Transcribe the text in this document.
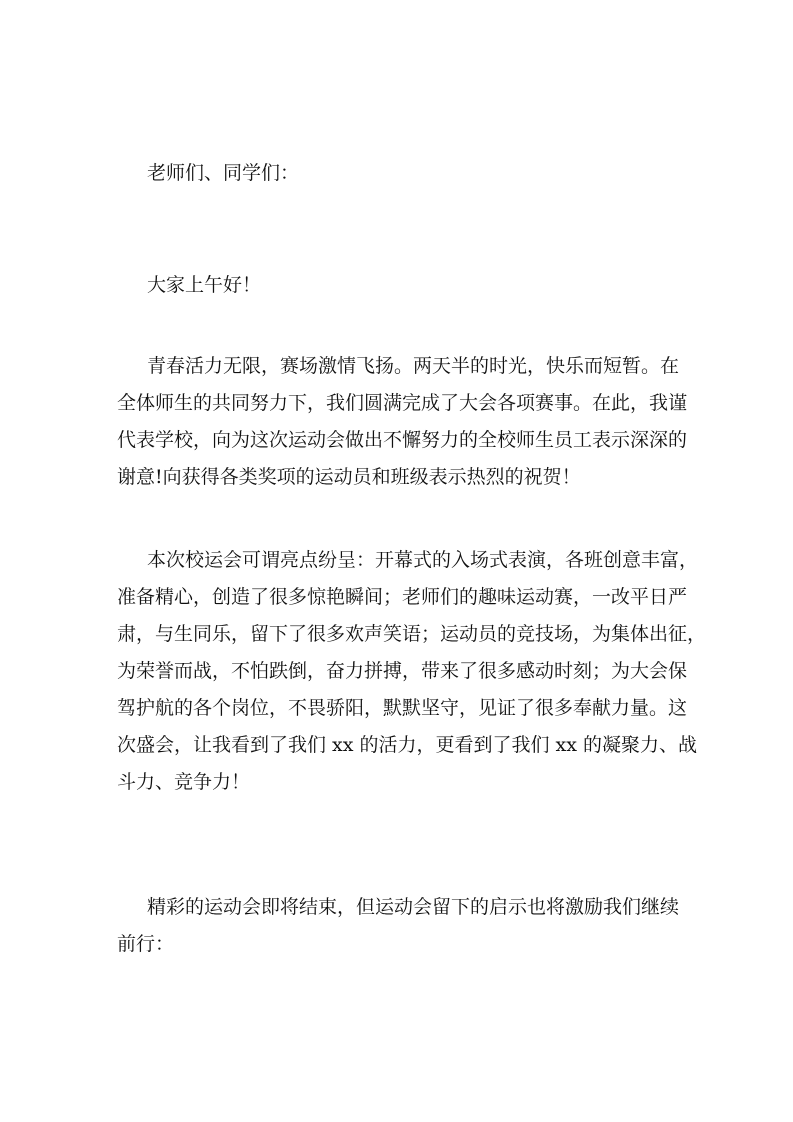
老师们、同学们：
大家上午好！
青春活力无限，赛场激情飞扬。两天半的时光，快乐而短暂。在
全体师生的共同努力下，我们圆满完成了大会各项赛事。在此，我谨
代表学校，向为这次运动会做出不懈努力的全校师生员工表示深深的
谢意!向获得各类奖项的运动员和班级表示热烈的祝贺！
本次校运会可谓亮点纷呈：开幕式的入场式表演，各班创意丰富，
准备精心，创造了很多惊艳瞬间；老师们的趣味运动赛，一改平日严
肃，与生同乐，留下了很多欢声笑语；运动员的竞技场，为集体出征，
为荣誉而战，不怕跌倒，奋力拼搏，带来了很多感动时刻；为大会保
驾护航的各个岗位，不畏骄阳，默默坚守，见证了很多奉献力量。这
次盛会，让我看到了我们 xx 的活力，更看到了我们 xx 的凝聚力、战
斗力、竞争力！
精彩的运动会即将结束，但运动会留下的启示也将激励我们继续
前行：
